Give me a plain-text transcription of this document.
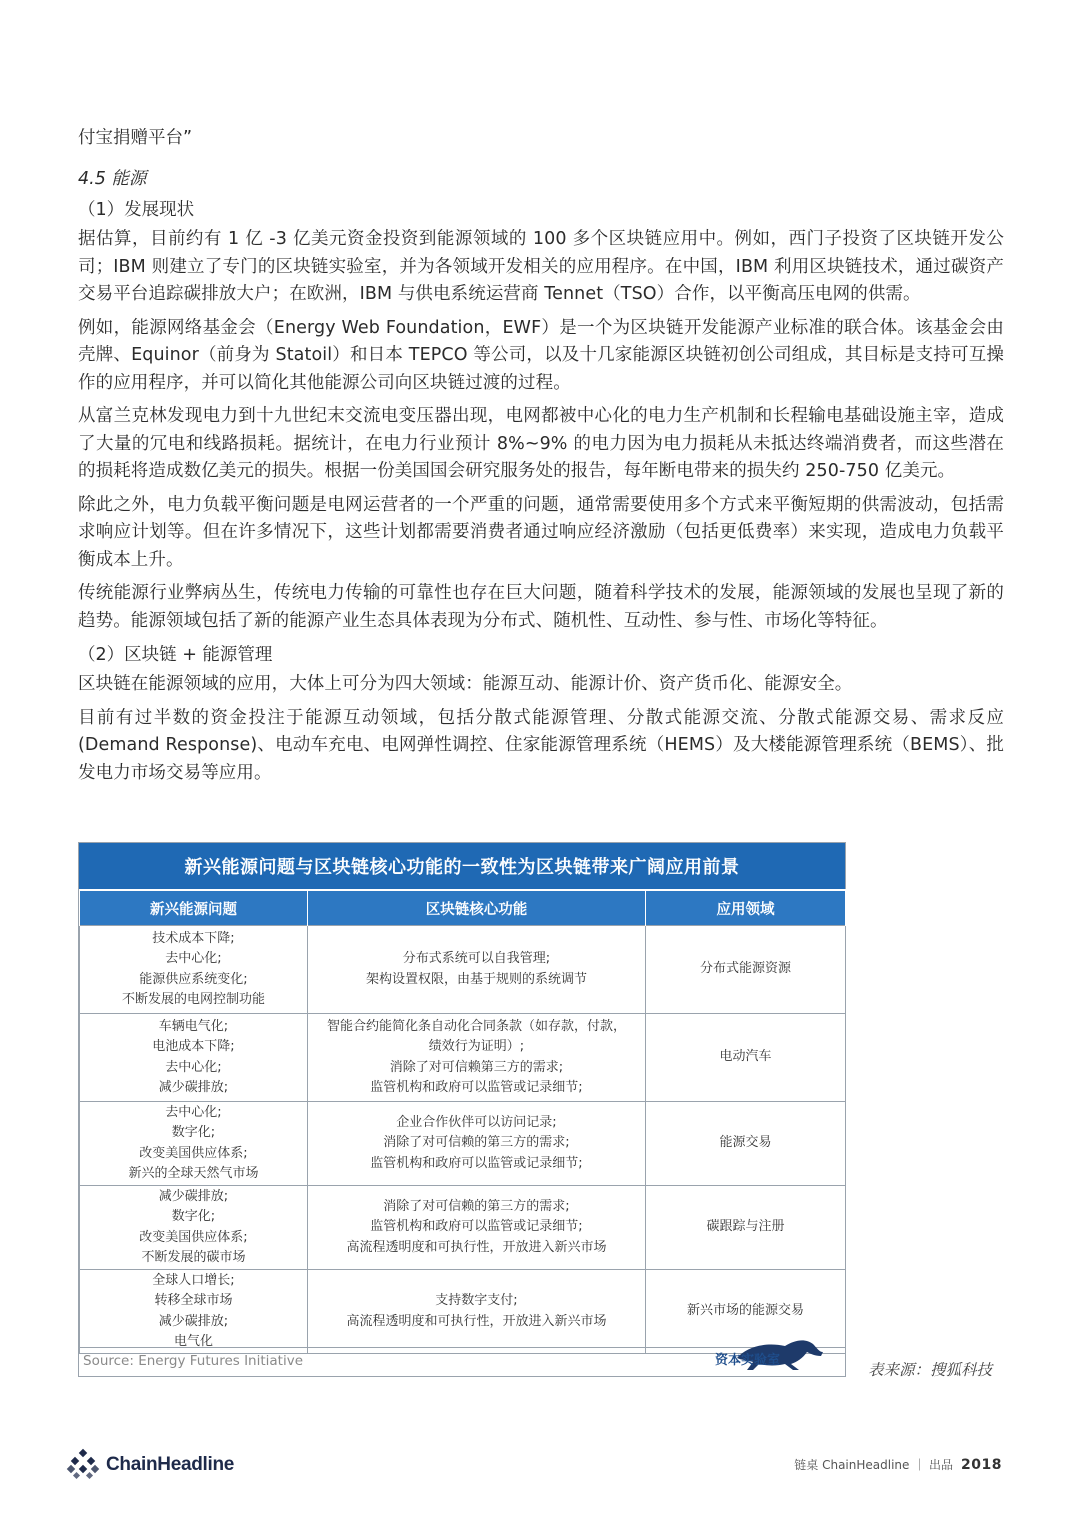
付宝捐赠平台”
4.5 能源
（1）发展现状

据估算，目前约有 1 亿 -3 亿美元资金投资到能源领域的 100 多个区块链应用中。例如，西门子投资了区块链开发公司；IBM 则建立了专门的区块链实验室，并为各领域开发相关的应用程序。在中国，IBM 利用区块链技术，通过碳资产交易平台追踪碳排放大户；在欧洲，IBM 与供电系统运营商 Tennet（TSO）合作，以平衡高压电网的供需。

例如，能源网络基金会（Energy Web Foundation，EWF）是一个为区块链开发能源产业标准的联合体。该基金会由壳牌、Equinor（前身为 Statoil）和日本 TEPCO 等公司，以及十几家能源区块链初创公司组成，其目标是支持可互操作的应用程序，并可以简化其他能源公司向区块链过渡的过程。

从富兰克林发现电力到十九世纪末交流电变压器出现，电网都被中心化的电力生产机制和长程输电基础设施主宰，造成了大量的冗电和线路损耗。据统计，在电力行业预计 8%~9% 的电力因为电力损耗从未抵达终端消费者，而这些潜在的损耗将造成数亿美元的损失。根据一份美国国会研究服务处的报告，每年断电带来的损失约 250-750 亿美元。

除此之外，电力负载平衡问题是电网运营者的一个严重的问题，通常需要使用多个方式来平衡短期的供需波动，包括需求响应计划等。但在许多情况下，这些计划都需要消费者通过响应经济激励（包括更低费率）来实现，造成电力负载平衡成本上升。

传统能源行业弊病丛生，传统电力传输的可靠性也存在巨大问题，随着科学技术的发展，能源领域的发展也呈现了新的趋势。能源领域包括了新的能源产业生态具体表现为分布式、随机性、互动性、参与性、市场化等特征。

（2）区块链 + 能源管理

区块链在能源领域的应用，大体上可分为四大领域：能源互动、能源计价、资产货币化、能源安全。

目前有过半数的资金投注于能源互动领域，包括分散式能源管理、分散式能源交流、分散式能源交易、需求反应(Demand Response)、电动车充电、电网弹性调控、住家能源管理系统（HEMS）及大楼能源管理系统（BEMS）、批发电力市场交易等应用。

新兴能源问题与区块链核心功能的一致性为区块链带来广阔应用前景
新兴能源问题	区块链核心功能	应用领域

技术成本下降;
去中心化;
能源供应系统变化;
不断发展的电网控制功能	分布式系统可以自我管理;
架构设置权限，由基于规则的系统调节	分布式能源资源

车辆电气化;
电池成本下降;
去中心化;
减少碳排放;	智能合约能简化条自动化合同条款（如存款，付款，
绩效行为证明）;
消除了对可信赖第三方的需求;
监管机构和政府可以监管或记录细节;	电动汽车

去中心化;
数字化;
改变美国供应体系;
新兴的全球天然气市场	企业合作伙伴可以访问记录;
消除了对可信赖的第三方的需求;
监管机构和政府可以监管或记录细节;	能源交易

减少碳排放;
数字化;
改变美国供应体系;
不断发展的碳市场	消除了对可信赖的第三方的需求;
监管机构和政府可以监管或记录细节;
高流程透明度和可执行性，开放进入新兴市场	碳跟踪与注册

全球人口增长;
转移全球市场
减少碳排放;
电气化	支持数字支付;
高流程透明度和可执行性，开放进入新兴市场	新兴市场的能源交易
Source: Energy Futures Initiative	资本实验室
表来源：搜狐科技
ChainHeadline	链桌 ChainHeadline ｜ 出品 2018
